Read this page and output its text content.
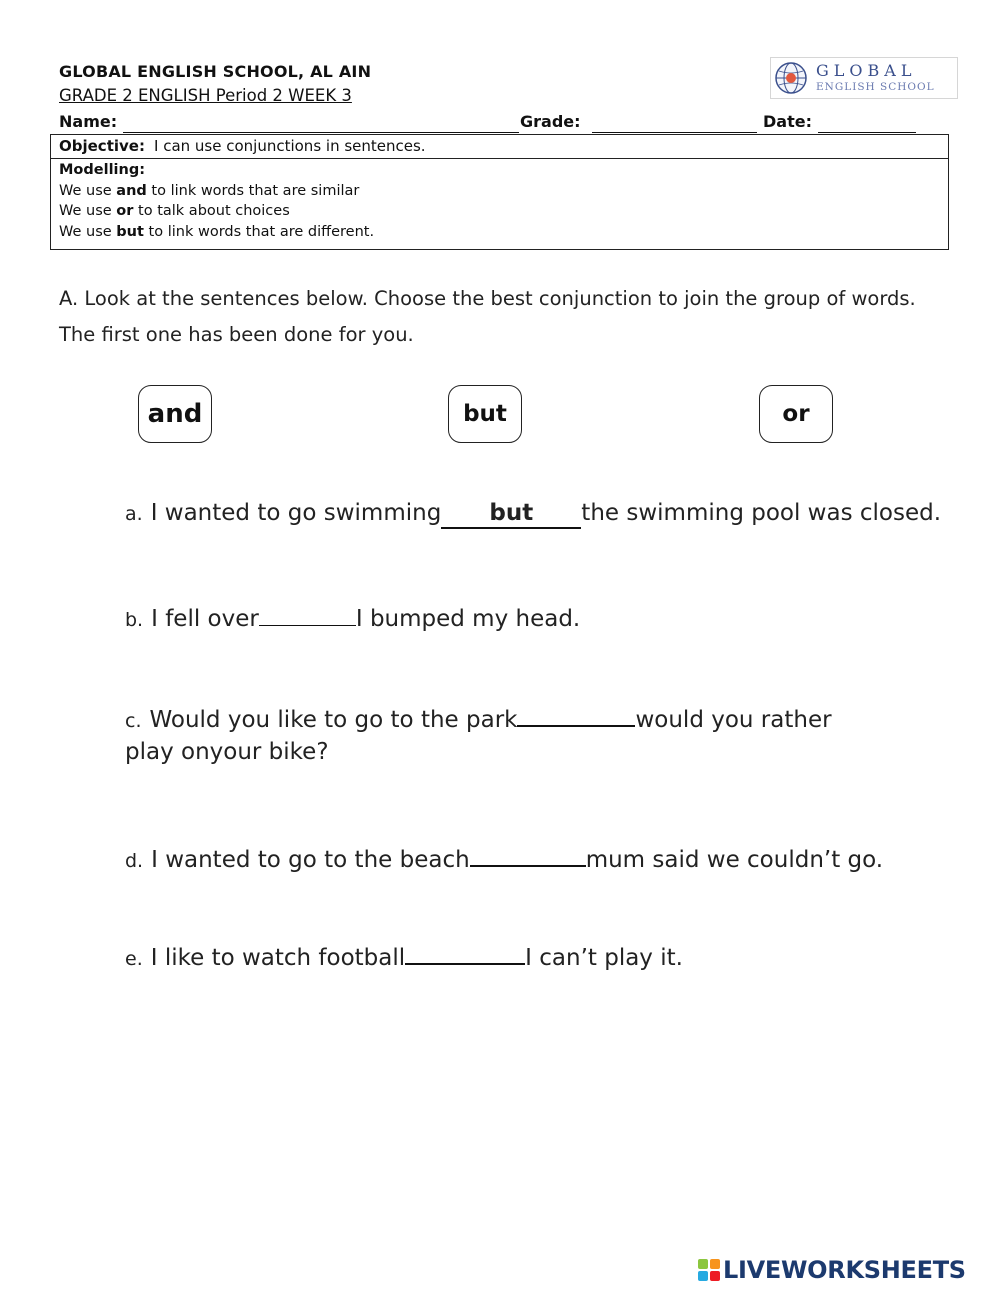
GLOBAL ENGLISH SCHOOL, AL AIN
GRADE 2 ENGLISH Period 2 WEEK 3
GLOBAL
ENGLISH SCHOOL
Name:	Grade:	Date:
Objective: I can use conjunctions in sentences.
Modelling:
We use and to link words that are similar
We use or to talk about choices
We use but to link words that are different.
A. Look at the sentences below. Choose the best conjunction to join the group of words.
The first one has been done for you.
and	but	or
a. I wanted to go swimming but the swimming pool was closed.
b. I fell over	I bumped my head.
c. Would you like to go to the park	would you rather
play onyour bike?
d. I wanted to go to the beach	mum said we couldn’t go.
e. I like to watch football	I can’t play it.
LIVEWORKSHEETS
